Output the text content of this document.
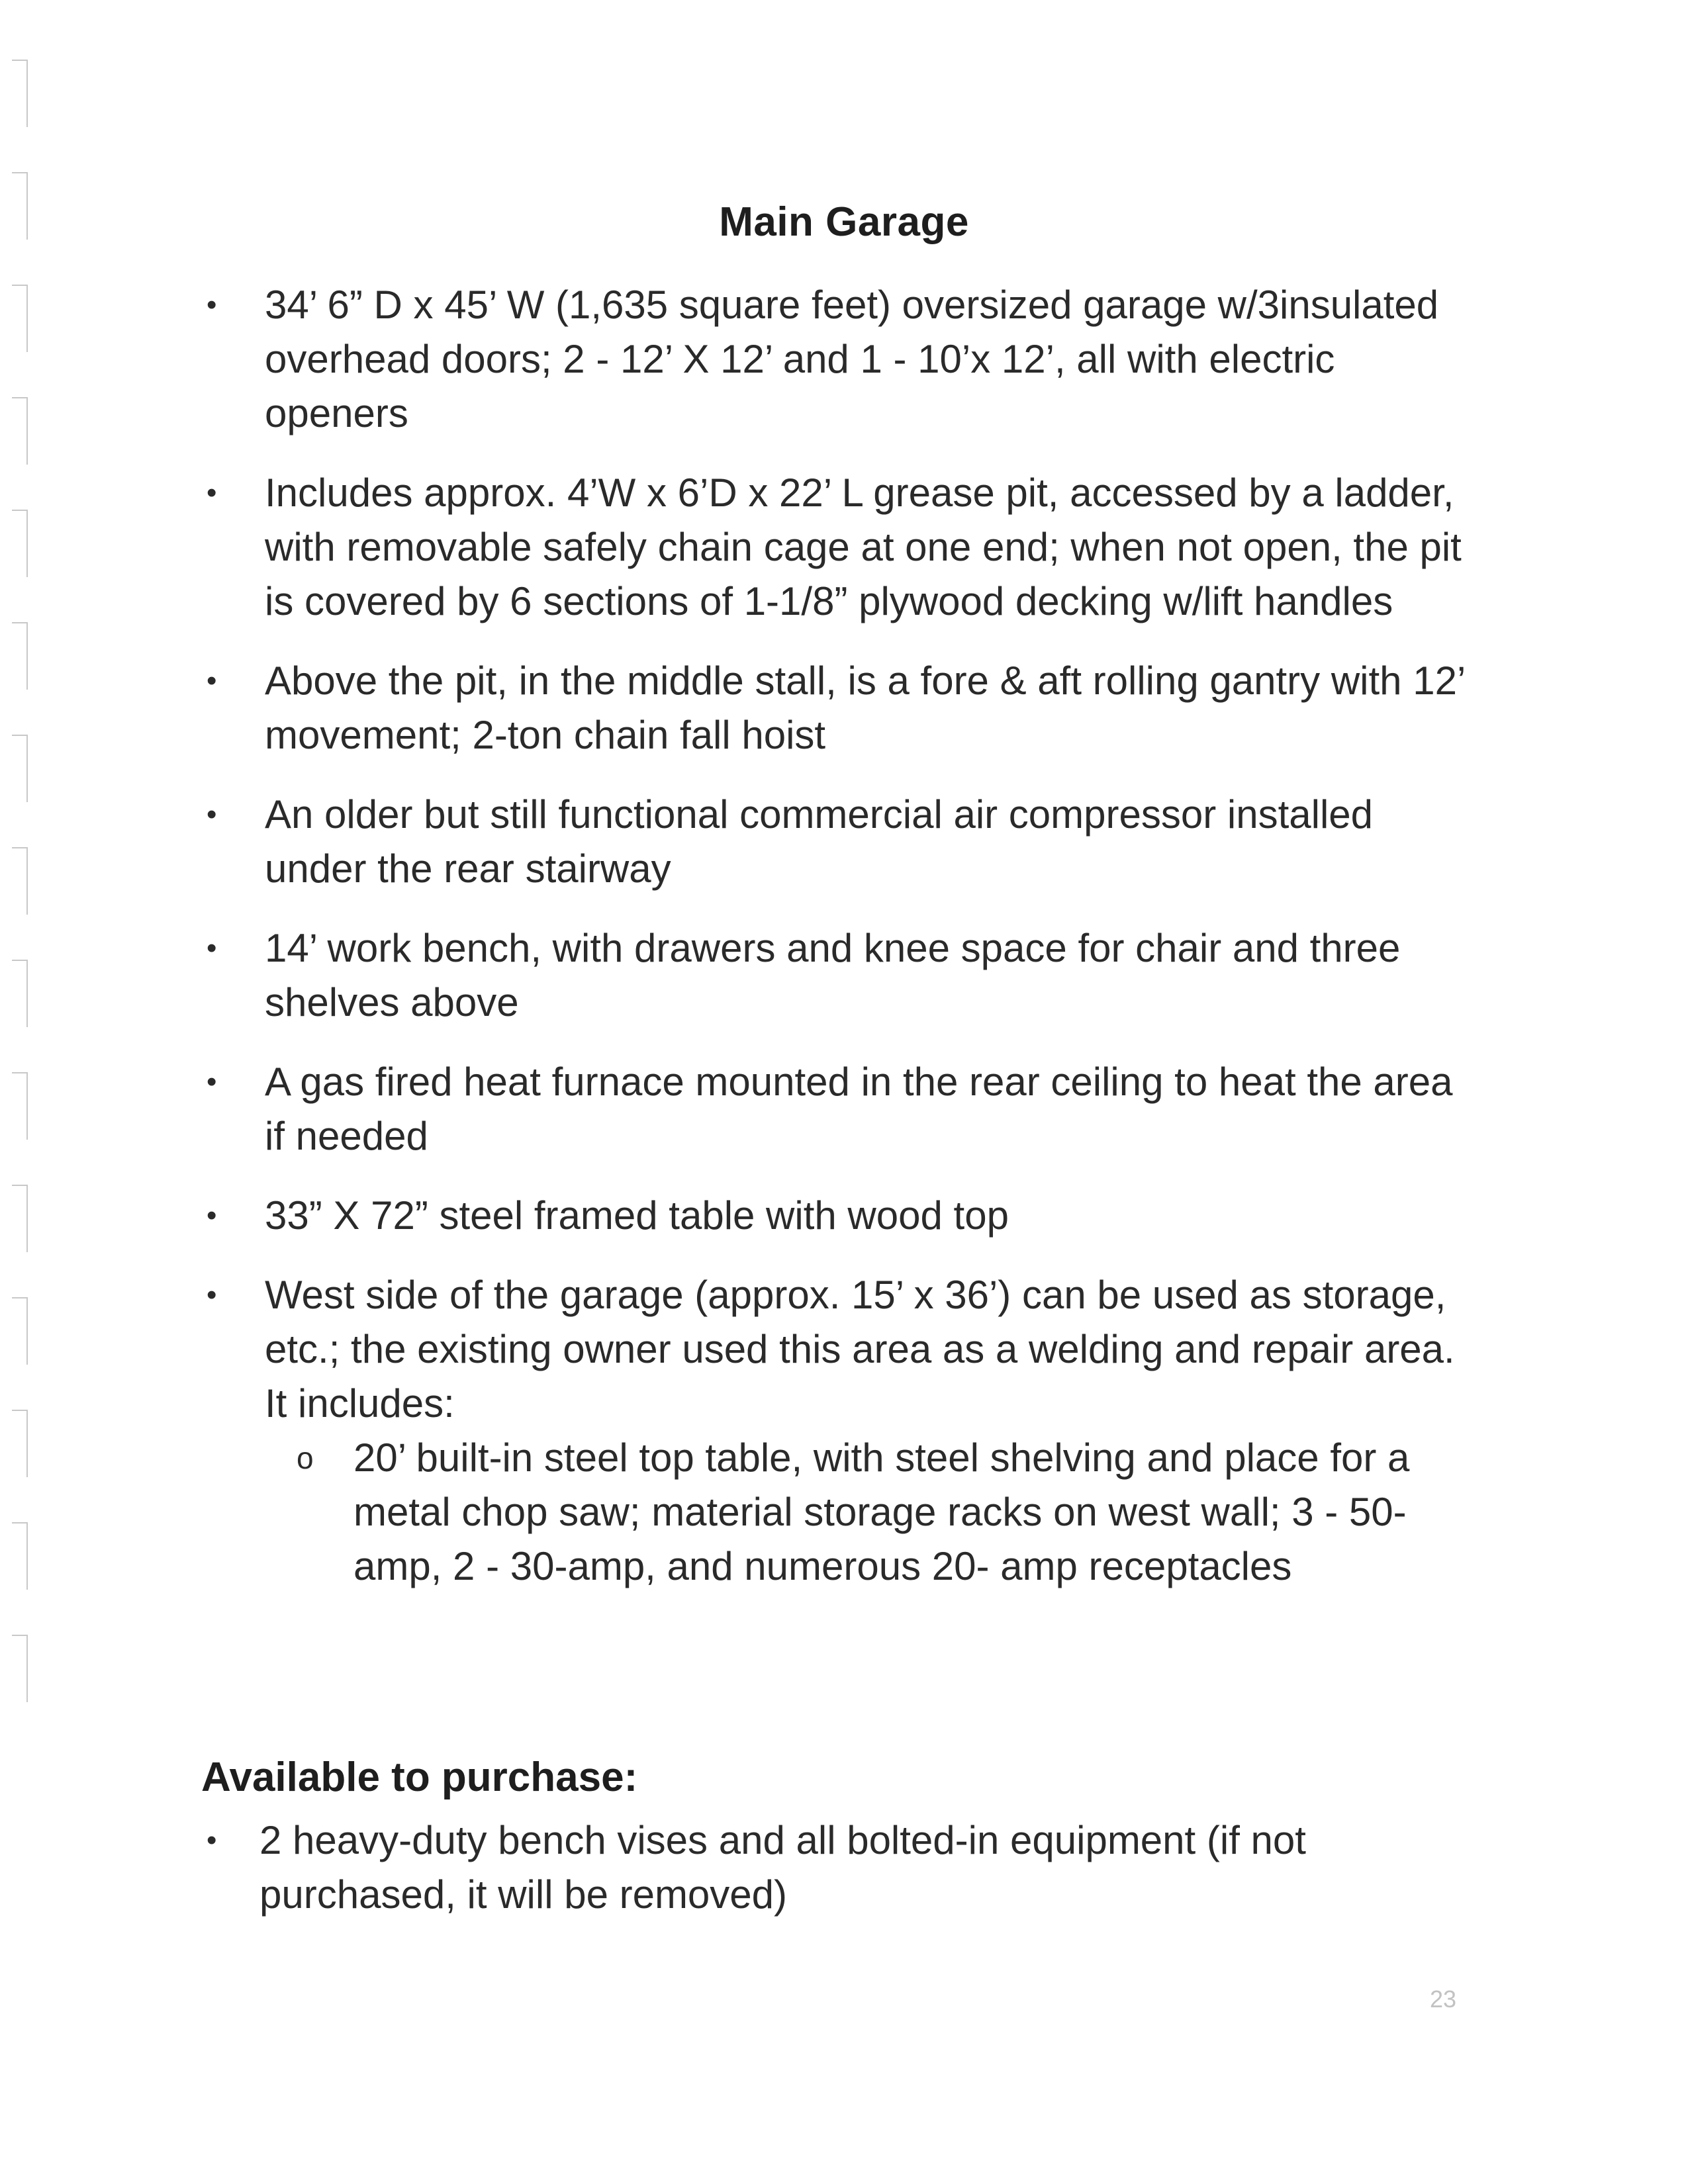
Main Garage
• 34’ 6” D x 45’ W (1,635 square feet) oversized garage w/3insulated overhead doors; 2 - 12’ X 12’ and 1 - 10’x 12’, all with electric openers
• Includes approx. 4’W x 6’D x 22’ L grease pit, accessed by a ladder, with removable safely chain cage at one end; when not open, the pit is covered by 6 sections of 1-1/8” plywood decking w/lift handles
• Above the pit, in the middle stall, is a fore & aft rolling gantry with 12’ movement; 2-ton chain fall hoist
• An older but still functional commercial air compressor installed under the rear stairway
• 14’ work bench, with drawers and knee space for chair and three shelves above
• A gas fired heat furnace mounted in the rear ceiling to heat the area if needed
• 33” X 72” steel framed table with wood top
• West side of the garage (approx. 15’ x 36’) can be used as storage, etc.; the existing owner used this area as a welding and repair area. It includes:
o 20’ built-in steel top table, with steel shelving and place for a metal chop saw; material storage racks on west wall; 3 - 50-amp, 2 - 30-amp, and numerous 20- amp receptacles
Available to purchase:
• 2 heavy-duty bench vises and all bolted-in equipment (if not purchased, it will be removed)
23
